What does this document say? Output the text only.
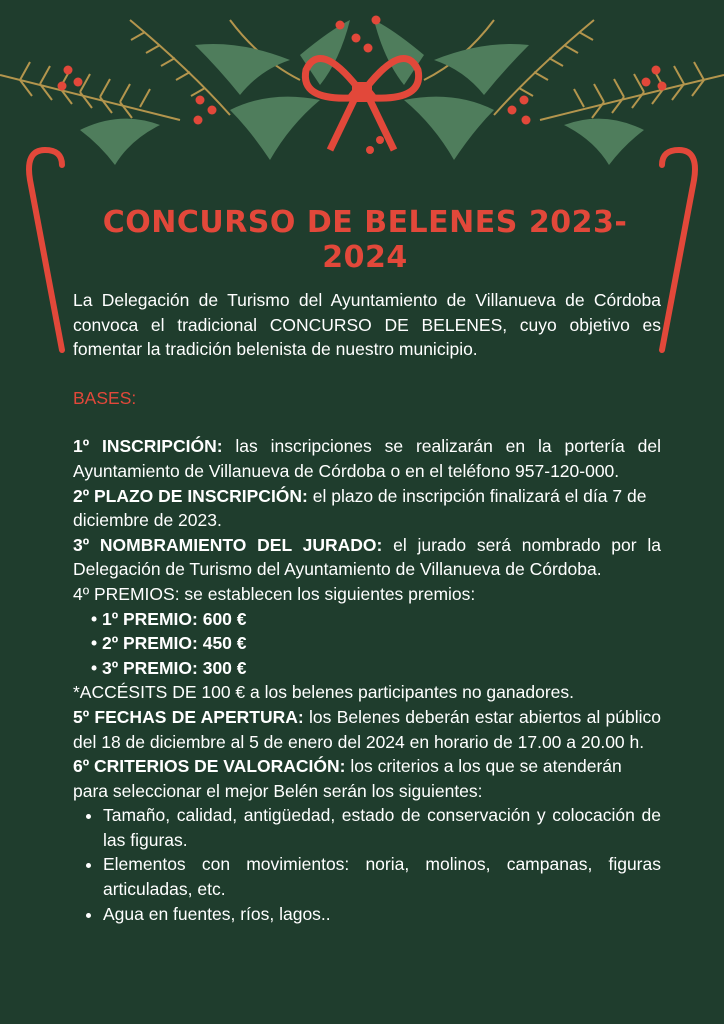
CONCURSO DE BELENES 2023-2024

La Delegación de Turismo del Ayuntamiento de Villanueva de Córdoba convoca el tradicional CONCURSO DE BELENES, cuyo objetivo es fomentar la tradición belenista de nuestro municipio.

BASES:

1º INSCRIPCIÓN: las inscripciones se realizarán en la portería del Ayuntamiento de Villanueva de Córdoba o en el teléfono 957-120-000.

2º PLAZO DE INSCRIPCIÓN: el plazo de inscripción finalizará el día 7 de diciembre de 2023.

3º NOMBRAMIENTO DEL JURADO: el jurado será nombrado por la Delegación de Turismo del Ayuntamiento de Villanueva de Córdoba.

4º PREMIOS: se establecen los siguientes premios:

• 1º PREMIO: 600 €
• 2º PREMIO: 450 €
• 3º PREMIO: 300 €

*ACCÉSITS DE 100 € a los belenes participantes no ganadores.

5º FECHAS DE APERTURA: los Belenes deberán estar abiertos al público del 18 de diciembre al 5 de enero del 2024 en horario de 17.00 a 20.00 h.

6º CRITERIOS DE VALORACIÓN: los criterios a los que se atenderán para seleccionar el mejor Belén serán los siguientes:

• Tamaño, calidad, antigüedad, estado de conservación y colocación de las figuras.
• Elementos con movimientos: noria, molinos, campanas, figuras articuladas, etc.
• Agua en fuentes, ríos, lagos..
